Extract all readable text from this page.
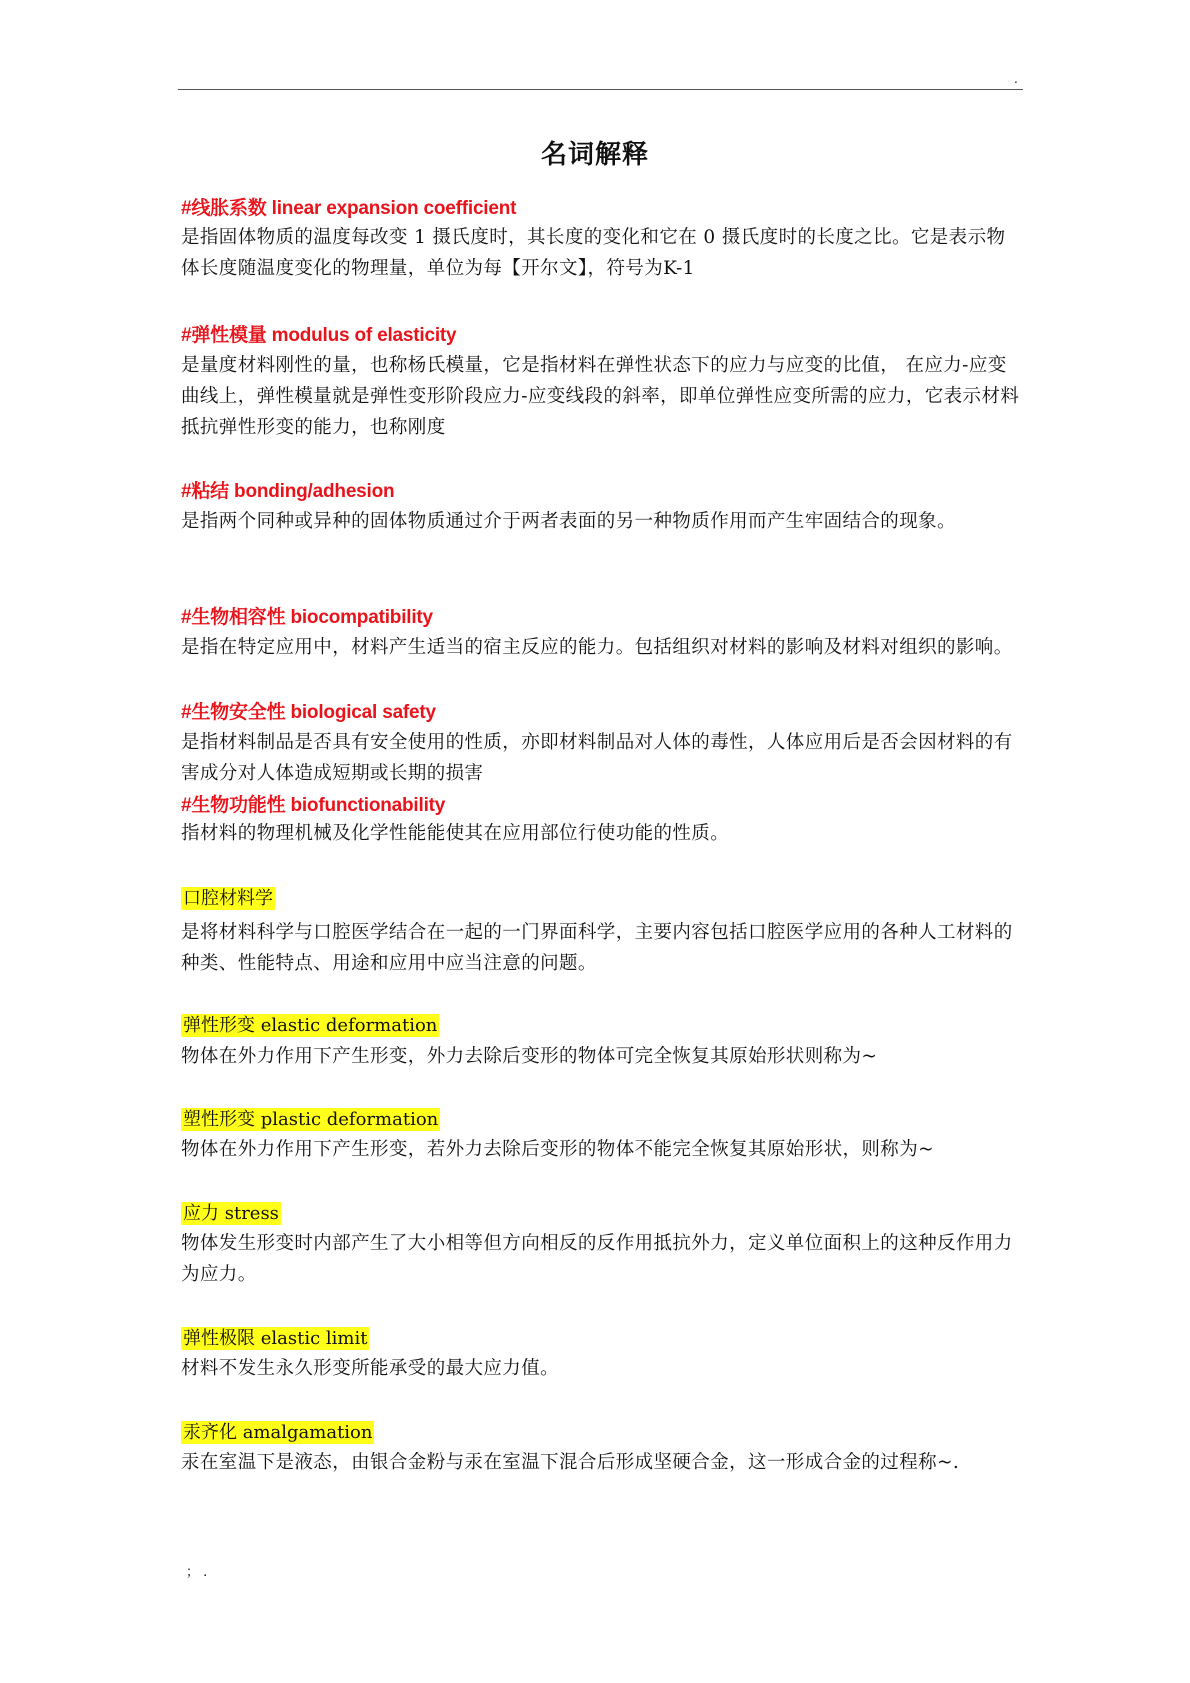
.
名词解释

#线胀系数 linear expansion coefficient

是指固体物质的温度每改变 1 摄氏度时，其长度的变化和它在 0 摄氏度时的长度之比。它是表示物体长度随温度变化的物理量，单位为每【开尔文】，符号为K-1

#弹性模量 modulus of elasticity

是量度材料刚性的量，也称杨氏模量，它是指材料在弹性状态下的应力与应变的比值， 在应力-应变曲线上，弹性模量就是弹性变形阶段应力-应变线段的斜率，即单位弹性应变所需的应力，它表示材料抵抗弹性形变的能力，也称刚度

#粘结 bonding/adhesion

是指两个同种或异种的固体物质通过介于两者表面的另一种物质作用而产生牢固结合的现象。

#生物相容性 biocompatibility

是指在特定应用中，材料产生适当的宿主反应的能力。包括组织对材料的影响及材料对组织的影响。

#生物安全性 biological safety

是指材料制品是否具有安全使用的性质，亦即材料制品对人体的毒性，人体应用后是否会因材料的有害成分对人体造成短期或长期的损害

#生物功能性 biofunctionability

指材料的物理机械及化学性能能使其在应用部位行使功能的性质。

口腔材料学

是将材料科学与口腔医学结合在一起的一门界面科学，主要内容包括口腔医学应用的各种人工材料的种类、性能特点、用途和应用中应当注意的问题。

弹性形变 elastic deformation

物体在外力作用下产生形变，外力去除后变形的物体可完全恢复其原始形状则称为~

塑性形变 plastic deformation

物体在外力作用下产生形变，若外力去除后变形的物体不能完全恢复其原始形状，则称为~

应力 stress

物体发生形变时内部产生了大小相等但方向相反的反作用抵抗外力，定义单位面积上的这种反作用力为应力。

弹性极限 elastic limit

材料不发生永久形变所能承受的最大应力值。

汞齐化 amalgamation

汞在室温下是液态，由银合金粉与汞在室温下混合后形成坚硬合金，这一形成合金的过程称~.

； .
